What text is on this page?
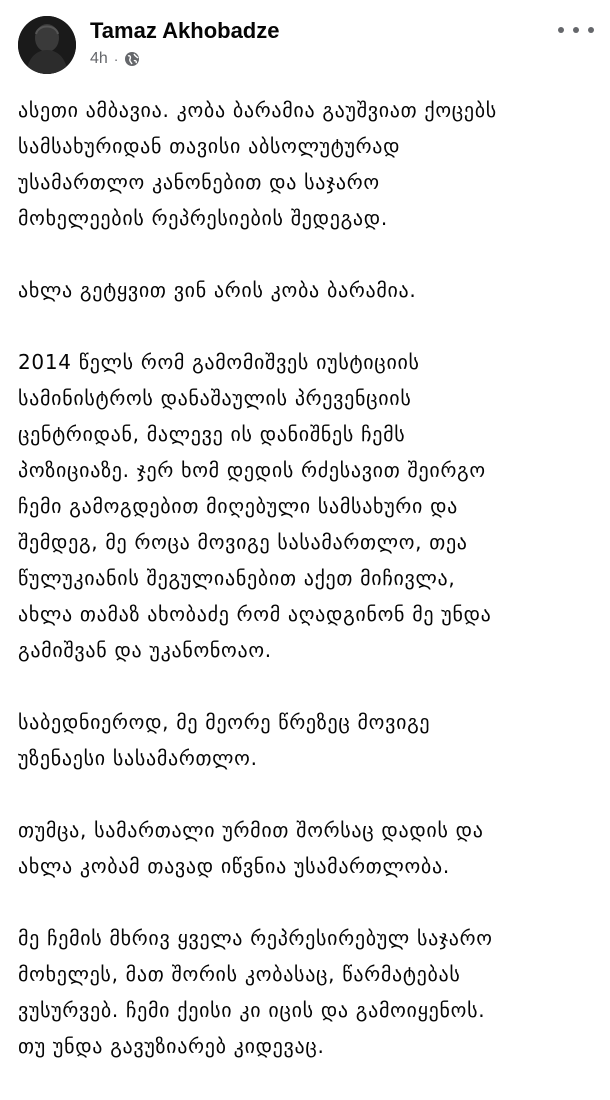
Tamaz Akhobadze
4h ·

ასეთი ამბავია. კობა ბარამია გაუშვიათ ქოცებს
სამსახურიდან თავისი აბსოლუტურად
უსამართლო კანონებით და საჯარო
მოხელეების რეპრესიების შედეგად.

ახლა გეტყვით ვინ არის კობა ბარამია.

2014 წელს რომ გამომიშვეს იუსტიციის
სამინისტროს დანაშაულის პრევენციის
ცენტრიდან, მალევე ის დანიშნეს ჩემს
პოზიციაზე. ჯერ ხომ დედის რძესავით შეირგო
ჩემი გამოგდებით მიღებული სამსახური და
შემდეგ, მე როცა მოვიგე სასამართლო, თეა
წულუკიანის შეგულიანებით აქეთ მიჩივლა,
ახლა თამაზ ახობაძე რომ აღადგინონ მე უნდა
გამიშვან და უკანონოაო.

საბედნიეროდ, მე მეორე წრეზეც მოვიგე
უზენაესი სასამართლო.

თუმცა, სამართალი ურმით შორსაც დადის და
ახლა კობამ თავად იწვნია უსამართლობა.

მე ჩემის მხრივ ყველა რეპრესირებულ საჯარო
მოხელეს, მათ შორის კობასაც, წარმატებას
ვუსურვებ. ჩემი ქეისი კი იცის და გამოიყენოს.
თუ უნდა გავუზიარებ კიდევაც.
